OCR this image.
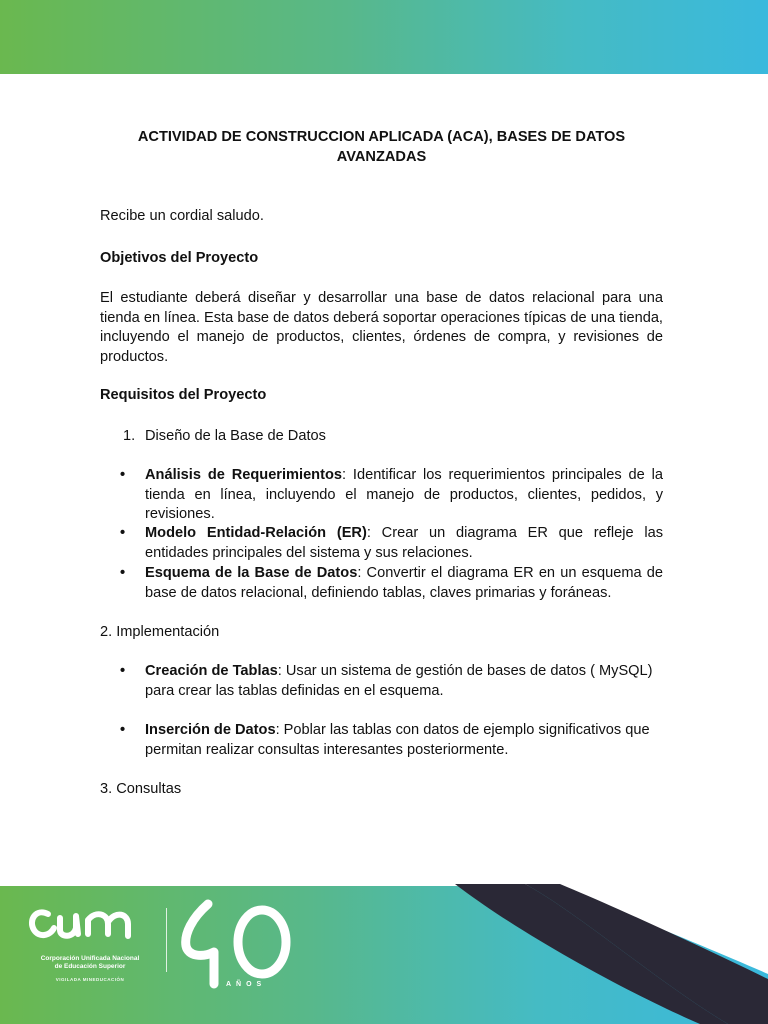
ACTIVIDAD DE CONSTRUCCION APLICADA (ACA), BASES DE DATOS
AVANZADAS

Recibe un cordial saludo.

Objetivos del Proyecto

El estudiante deberá diseñar y desarrollar una base de datos relacional para una tienda en línea. Esta base de datos deberá soportar operaciones típicas de una tienda, incluyendo el manejo de productos, clientes, órdenes de compra, y revisiones de productos.

Requisitos del Proyecto

1. Diseño de la Base de Datos
•	Análisis de Requerimientos: Identificar los requerimientos principales de la tienda en línea, incluyendo el manejo de productos, clientes, pedidos, y revisiones.
•	Modelo Entidad-Relación (ER): Crear un diagrama ER que refleje las entidades principales del sistema y sus relaciones.
•	Esquema de la Base de Datos: Convertir el diagrama ER en un esquema de base de datos relacional, definiendo tablas, claves primarias y foráneas.

2. Implementación

•	Creación de Tablas: Usar un sistema de gestión de bases de datos ( MySQL) para crear las tablas definidas en el esquema.
•	Inserción de Datos: Poblar las tablas con datos de ejemplo significativos que permitan realizar consultas interesantes posteriormente.

3. Consultas

Corporación Unificada Nacional
de Educación Superior
VIGILADA MINEDUCACIÓN
AÑOS
